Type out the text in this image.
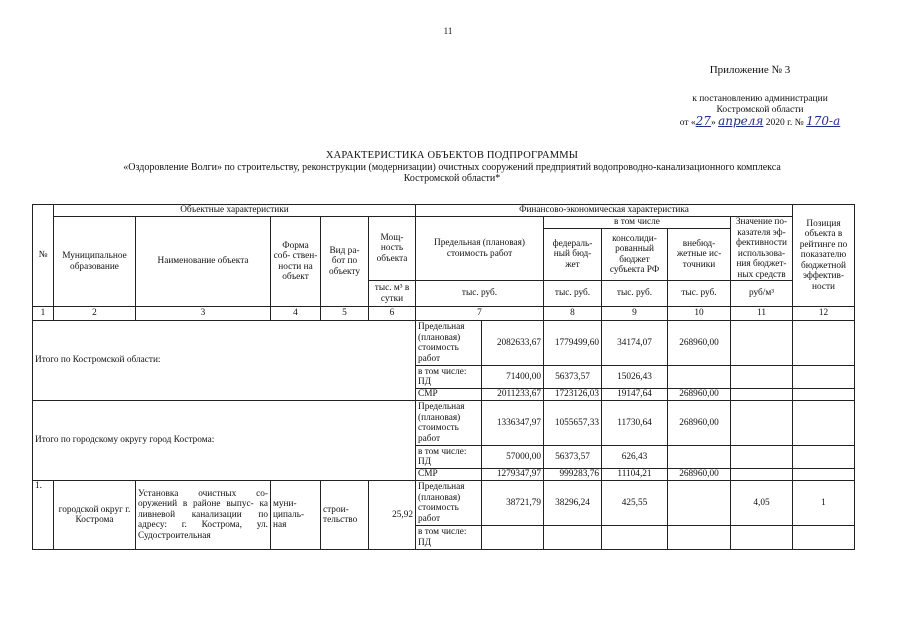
11
Приложение № 3
к постановлению администрации
Костромской области
от «27» апреля 2020 г. № 170-а
ХАРАКТЕРИСТИКА ОБЪЕКТОВ ПОДПРОГРАММЫ
«Оздоровление Волги» по строительству, реконструкции (модернизации) очистных сооружений предприятий водопроводно-канализационного комплекса
Костромской области*
№	Объектные характеристики					Финансово-экономическая характеристика						Позиция объекта в рейтинге по показателю бюджетной эффектив- ности
	Муниципальное образование	Наименование объекта	Форма соб- ствен- ности на объект	Вид ра- бот по объекту	Мощ- ность объекта	Предельная (плановая) стоимость работ		в том числе			Значение по- казателя эф- фективности использова- ния бюджет- ных средств	
								федераль- ный бюд- жет	консолиди- рованный бюджет субъекта РФ	внебюд- жетные ис- точники		
					тыс. м³ в сутки	тыс. руб.		тыс. руб.	тыс. руб.	тыс. руб.	руб/м³	
1	2	3	4	5	6	7		8	9	10	11	12
Итого по Костромской области:						Предельная (плановая) стоимость работ	2082633,67	1779499,60	34174,07	268960,00		
						в том числе: ПД	71400,00	56373,57	15026,43			
						СМР	2011233,67	1723126,03	19147,64	268960,00		
Итого по городскому округу город Кострома:						Предельная (плановая) стоимость работ	1336347,97	1055657,33	11730,64	268960,00		
						в том числе: ПД	57000,00	56373,57	626,43			
						СМР	1279347,97	999283,76	11104,21	268960,00		
1.	городской округ г. Кострома	Установка очистных со- оружений в районе выпус- ка ливневой канализации по адресу: г. Кострома, ул. Судостроительная	муни- ципаль- ная	строи- тельство	25,92	Предельная (плановая) стоимость работ	38721,79	38296,24	425,55		4,05	1
						в том числе: ПД						
